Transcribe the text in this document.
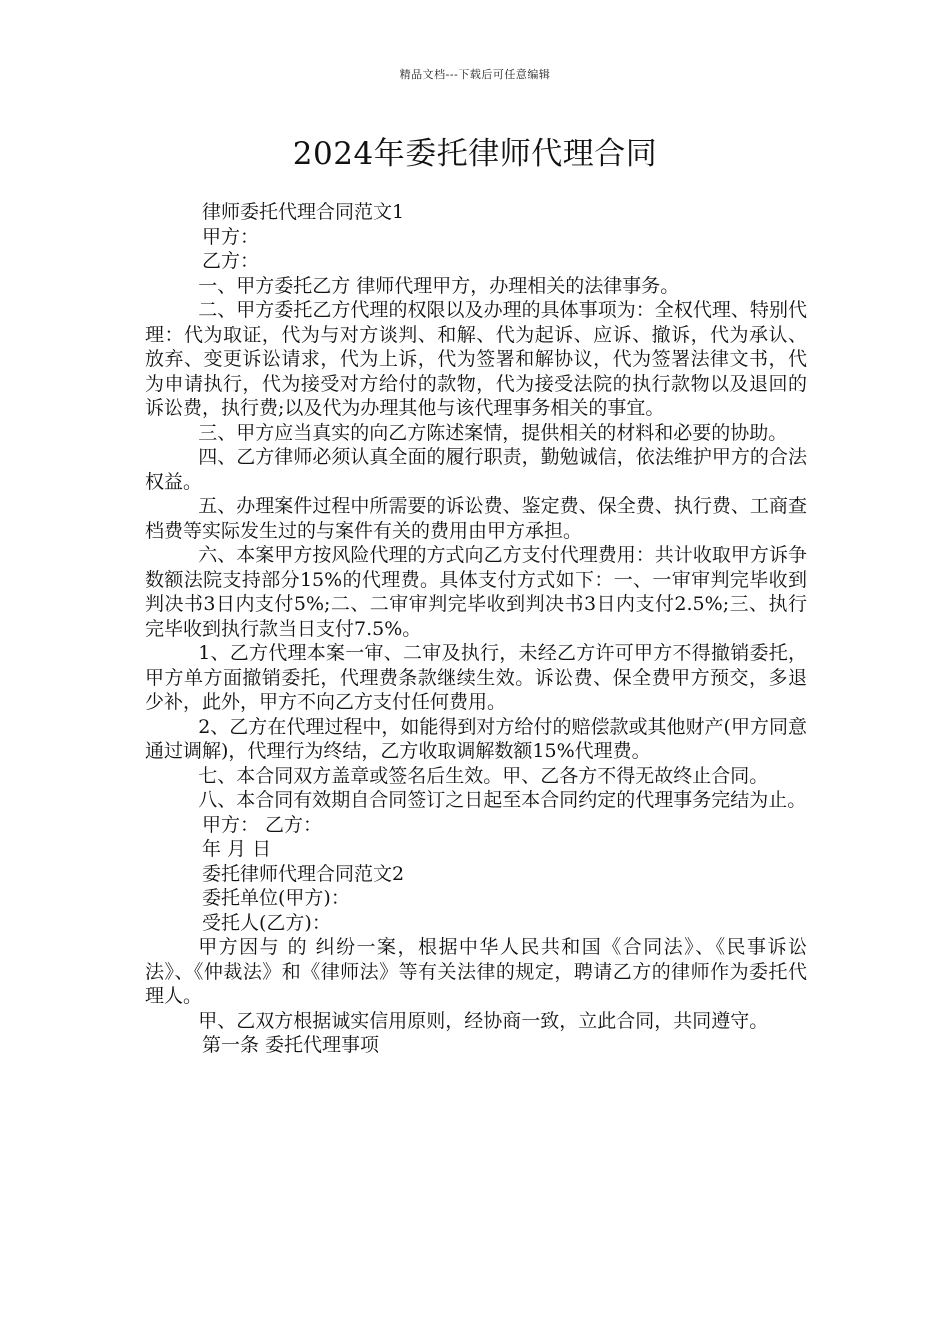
精品文档---下载后可任意编辑
2024年委托律师代理合同

律师委托代理合同范文1

甲方：

乙方：

一、甲方委托乙方 律师代理甲方，办理相关的法律事务。

二、甲方委托乙方代理的权限以及办理的具体事项为：全权代理、特别代理：代为取证，代为与对方谈判、和解、代为起诉、应诉、撤诉，代为承认、放弃、变更诉讼请求，代为上诉，代为签署和解协议，代为签署法律文书，代为申请执行，代为接受对方给付的款物，代为接受法院的执行款物以及退回的诉讼费，执行费;以及代为办理其他与该代理事务相关的事宜。

三、甲方应当真实的向乙方陈述案情，提供相关的材料和必要的协助。

四、乙方律师必须认真全面的履行职责，勤勉诚信，依法维护甲方的合法权益。

五、办理案件过程中所需要的诉讼费、鉴定费、保全费、执行费、工商查档费等实际发生过的与案件有关的费用由甲方承担。

六、本案甲方按风险代理的方式向乙方支付代理费用：共计收取甲方诉争数额法院支持部分15%的代理费。具体支付方式如下：一、一审审判完毕收到判决书3日内支付5%;二、二审审判完毕收到判决书3日内支付2.5%;三、执行完毕收到执行款当日支付7.5%。

1、乙方代理本案一审、二审及执行，未经乙方许可甲方不得撤销委托，甲方单方面撤销委托，代理费条款继续生效。诉讼费、保全费甲方预交，多退少补，此外，甲方不向乙方支付任何费用。

2、乙方在代理过程中，如能得到对方给付的赔偿款或其他财产(甲方同意通过调解)，代理行为终结，乙方收取调解数额15%代理费。

七、本合同双方盖章或签名后生效。甲、乙各方不得无故终止合同。

八、本合同有效期自合同签订之日起至本合同约定的代理事务完结为止。

甲方： 乙方：

年 月 日

委托律师代理合同范文2

委托单位(甲方)：

受托人(乙方)：

甲方因与 的 纠纷一案，根据中华人民共和国《合同法》、《民事诉讼法》、《仲裁法》和《律师法》等有关法律的规定，聘请乙方的律师作为委托代理人。

甲、乙双方根据诚实信用原则，经协商一致，立此合同，共同遵守。

第一条 委托代理事项
